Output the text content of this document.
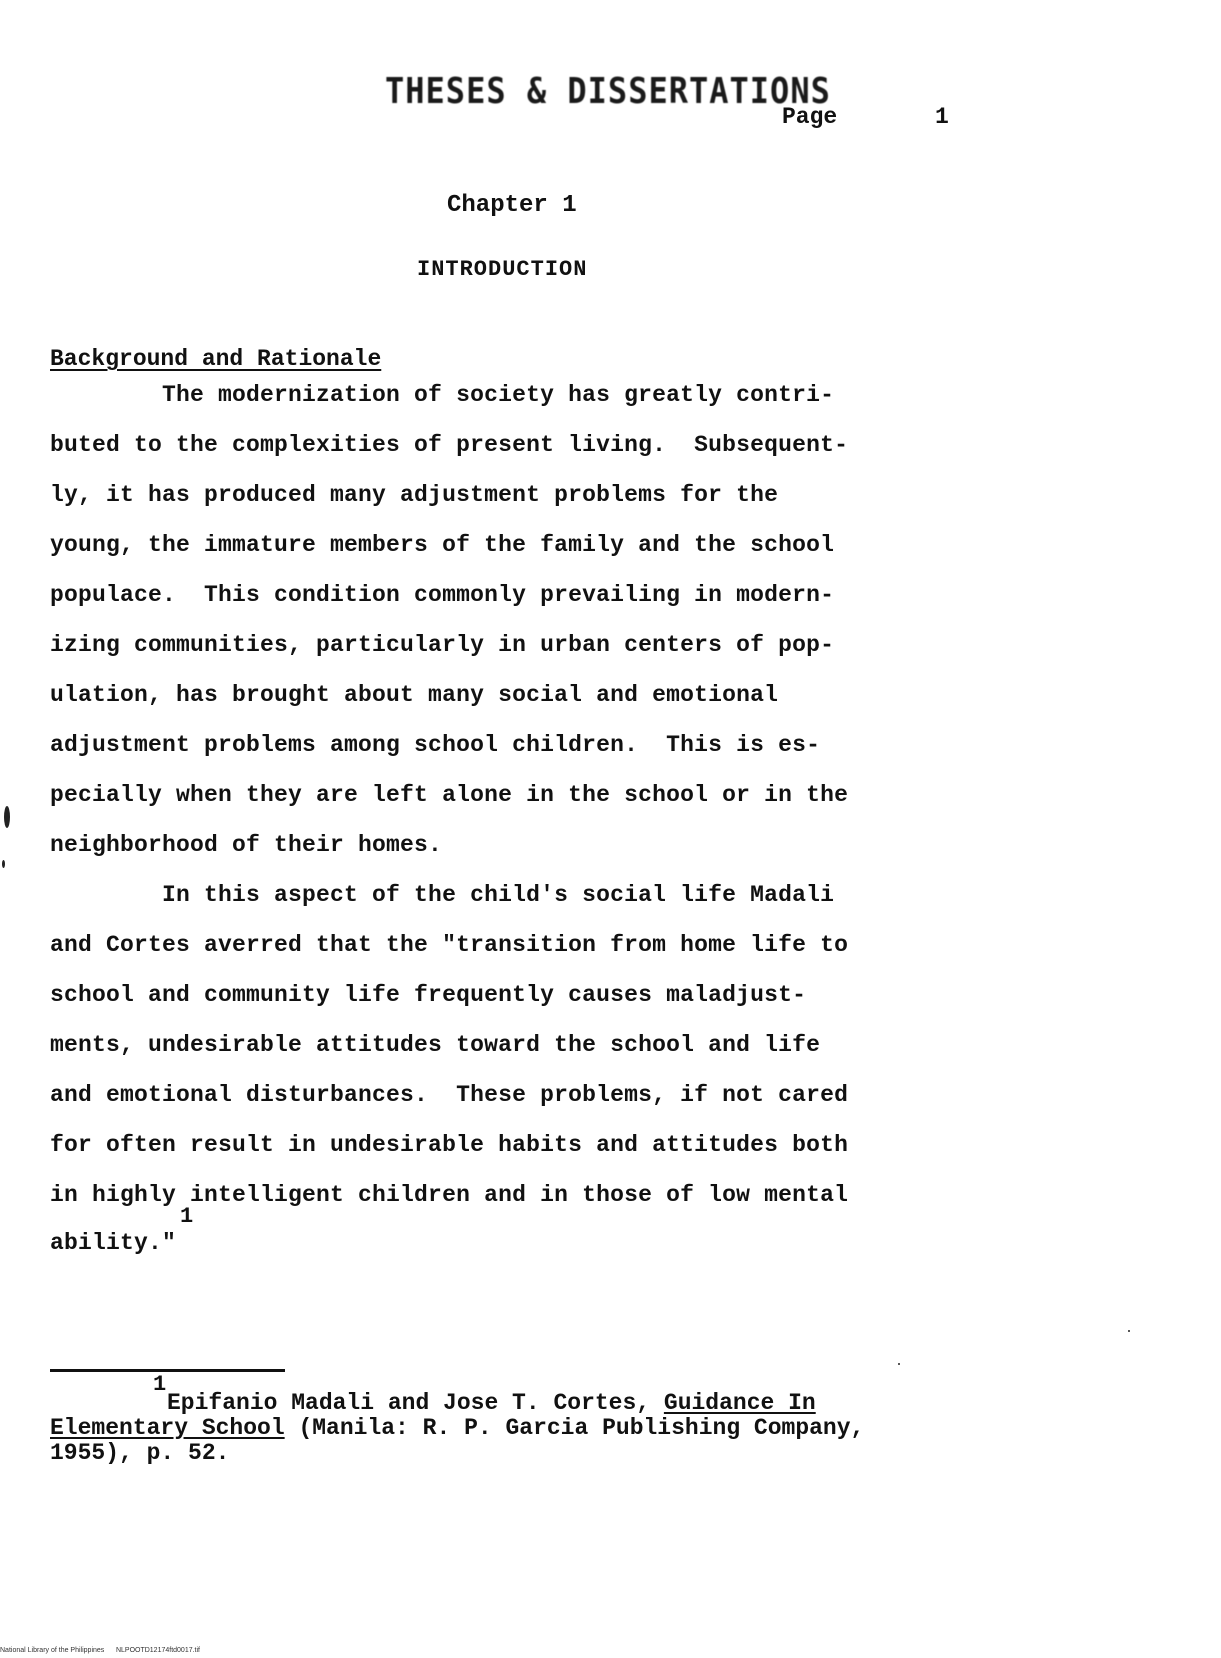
THESES & DISSERTATIONS
Page	1
Chapter 1
INTRODUCTION
Background and Rationale
The modernization of society has greatly contri-
buted to the complexities of present living.  Subsequent-
ly, it has produced many adjustment problems for the
young, the immature members of the family and the school
populace.  This condition commonly prevailing in modern-
izing communities, particularly in urban centers of pop-
ulation, has brought about many social and emotional
adjustment problems among school children.  This is es-
pecially when they are left alone in the school or in the
neighborhood of their homes.
In this aspect of the child's social life Madali
and Cortes averred that the "transition from home life to
school and community life frequently causes maladjust-
ments, undesirable attitudes toward the school and life
and emotional disturbances.  These problems, if not cared
for often result in undesirable habits and attitudes both
in highly intelligent children and in those of low mental
ability."
1
1
Epifanio Madali and Jose T. Cortes, Guidance In
Elementary School (Manila: R. P. Garcia Publishing Company,
1955), p. 52.
National Library of the Philippines      NLPOOTD12174ftd0017.tif
